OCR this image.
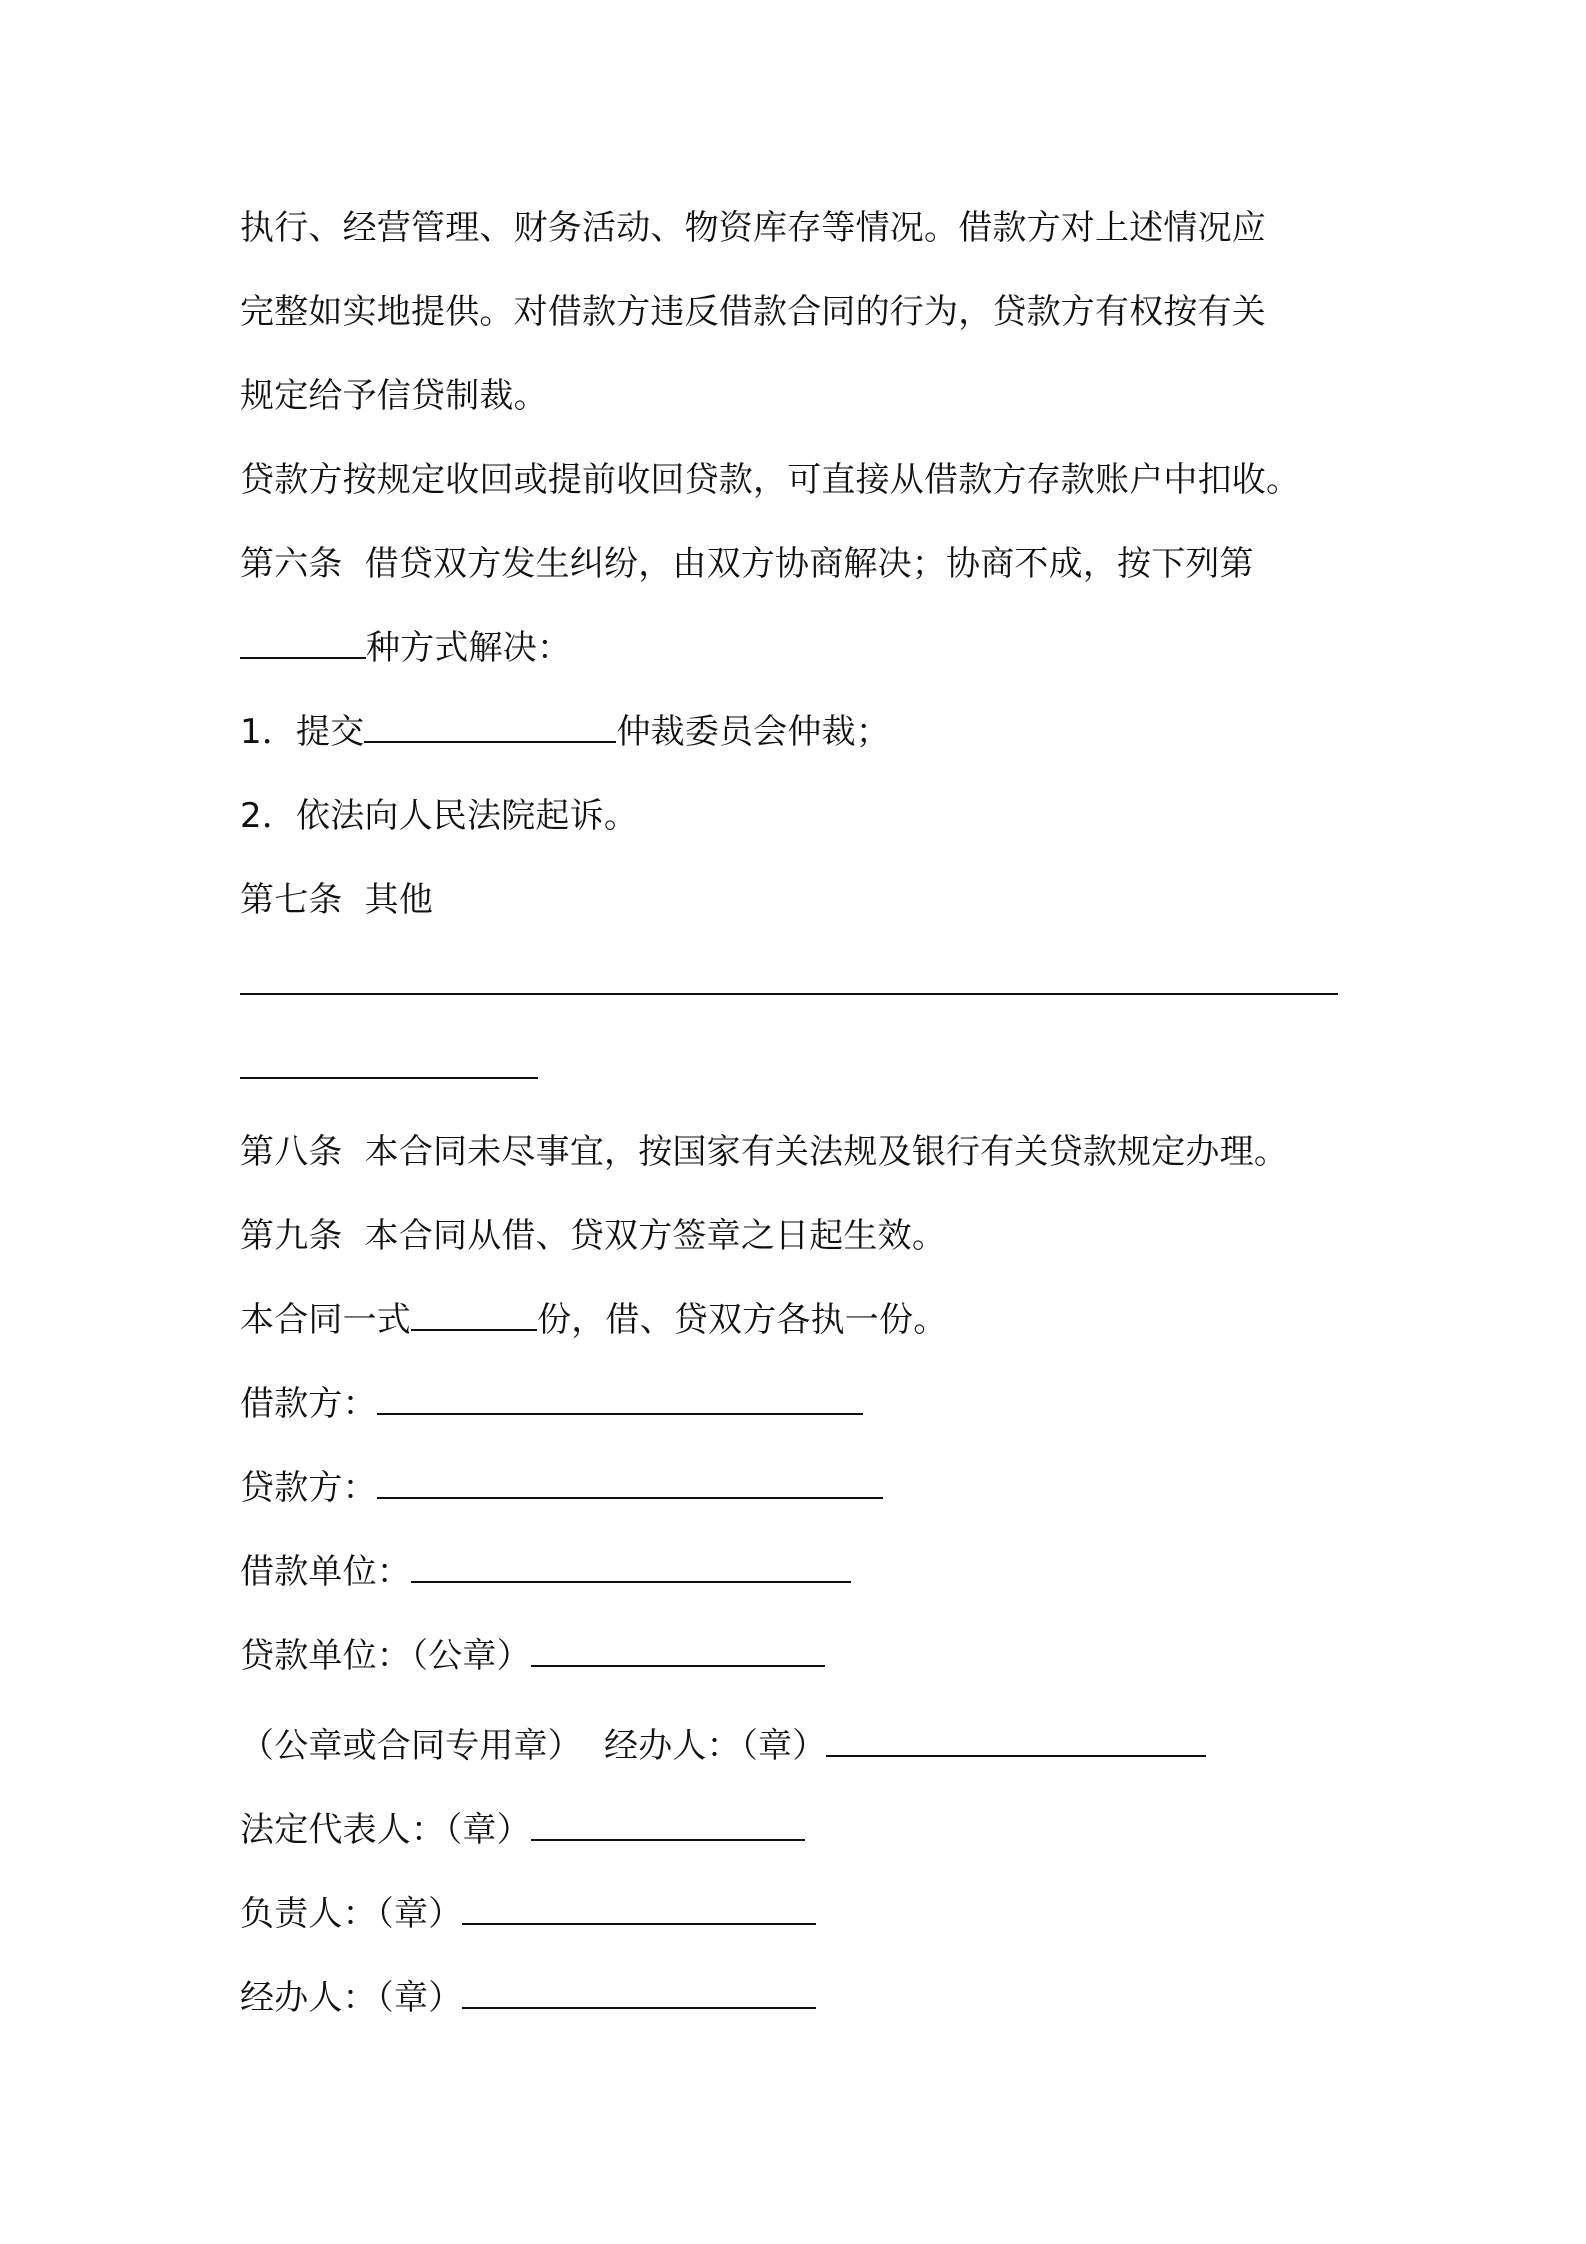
执行、经营管理、财务活动、物资库存等情况。借款方对上述情况应
完整如实地提供。对借款方违反借款合同的行为，贷款方有权按有关
规定给予信贷制裁。
贷款方按规定收回或提前收回贷款，可直接从借款方存款账户中扣收。
第六条  借贷双方发生纠纷，由双方协商解决；协商不成，按下列第
种方式解决：
1．提交	仲裁委员会仲裁；
2．依法向人民法院起诉。
第七条  其他
第八条  本合同未尽事宜，按国家有关法规及银行有关贷款规定办理。
第九条  本合同从借、贷双方签章之日起生效。
本合同一式	份，借、贷双方各执一份。
借款方：
贷款方：
借款单位：
贷款单位：（公章）
（公章或合同专用章）  经办人：（章）
法定代表人：（章）
负责人：（章）
经办人：（章）
